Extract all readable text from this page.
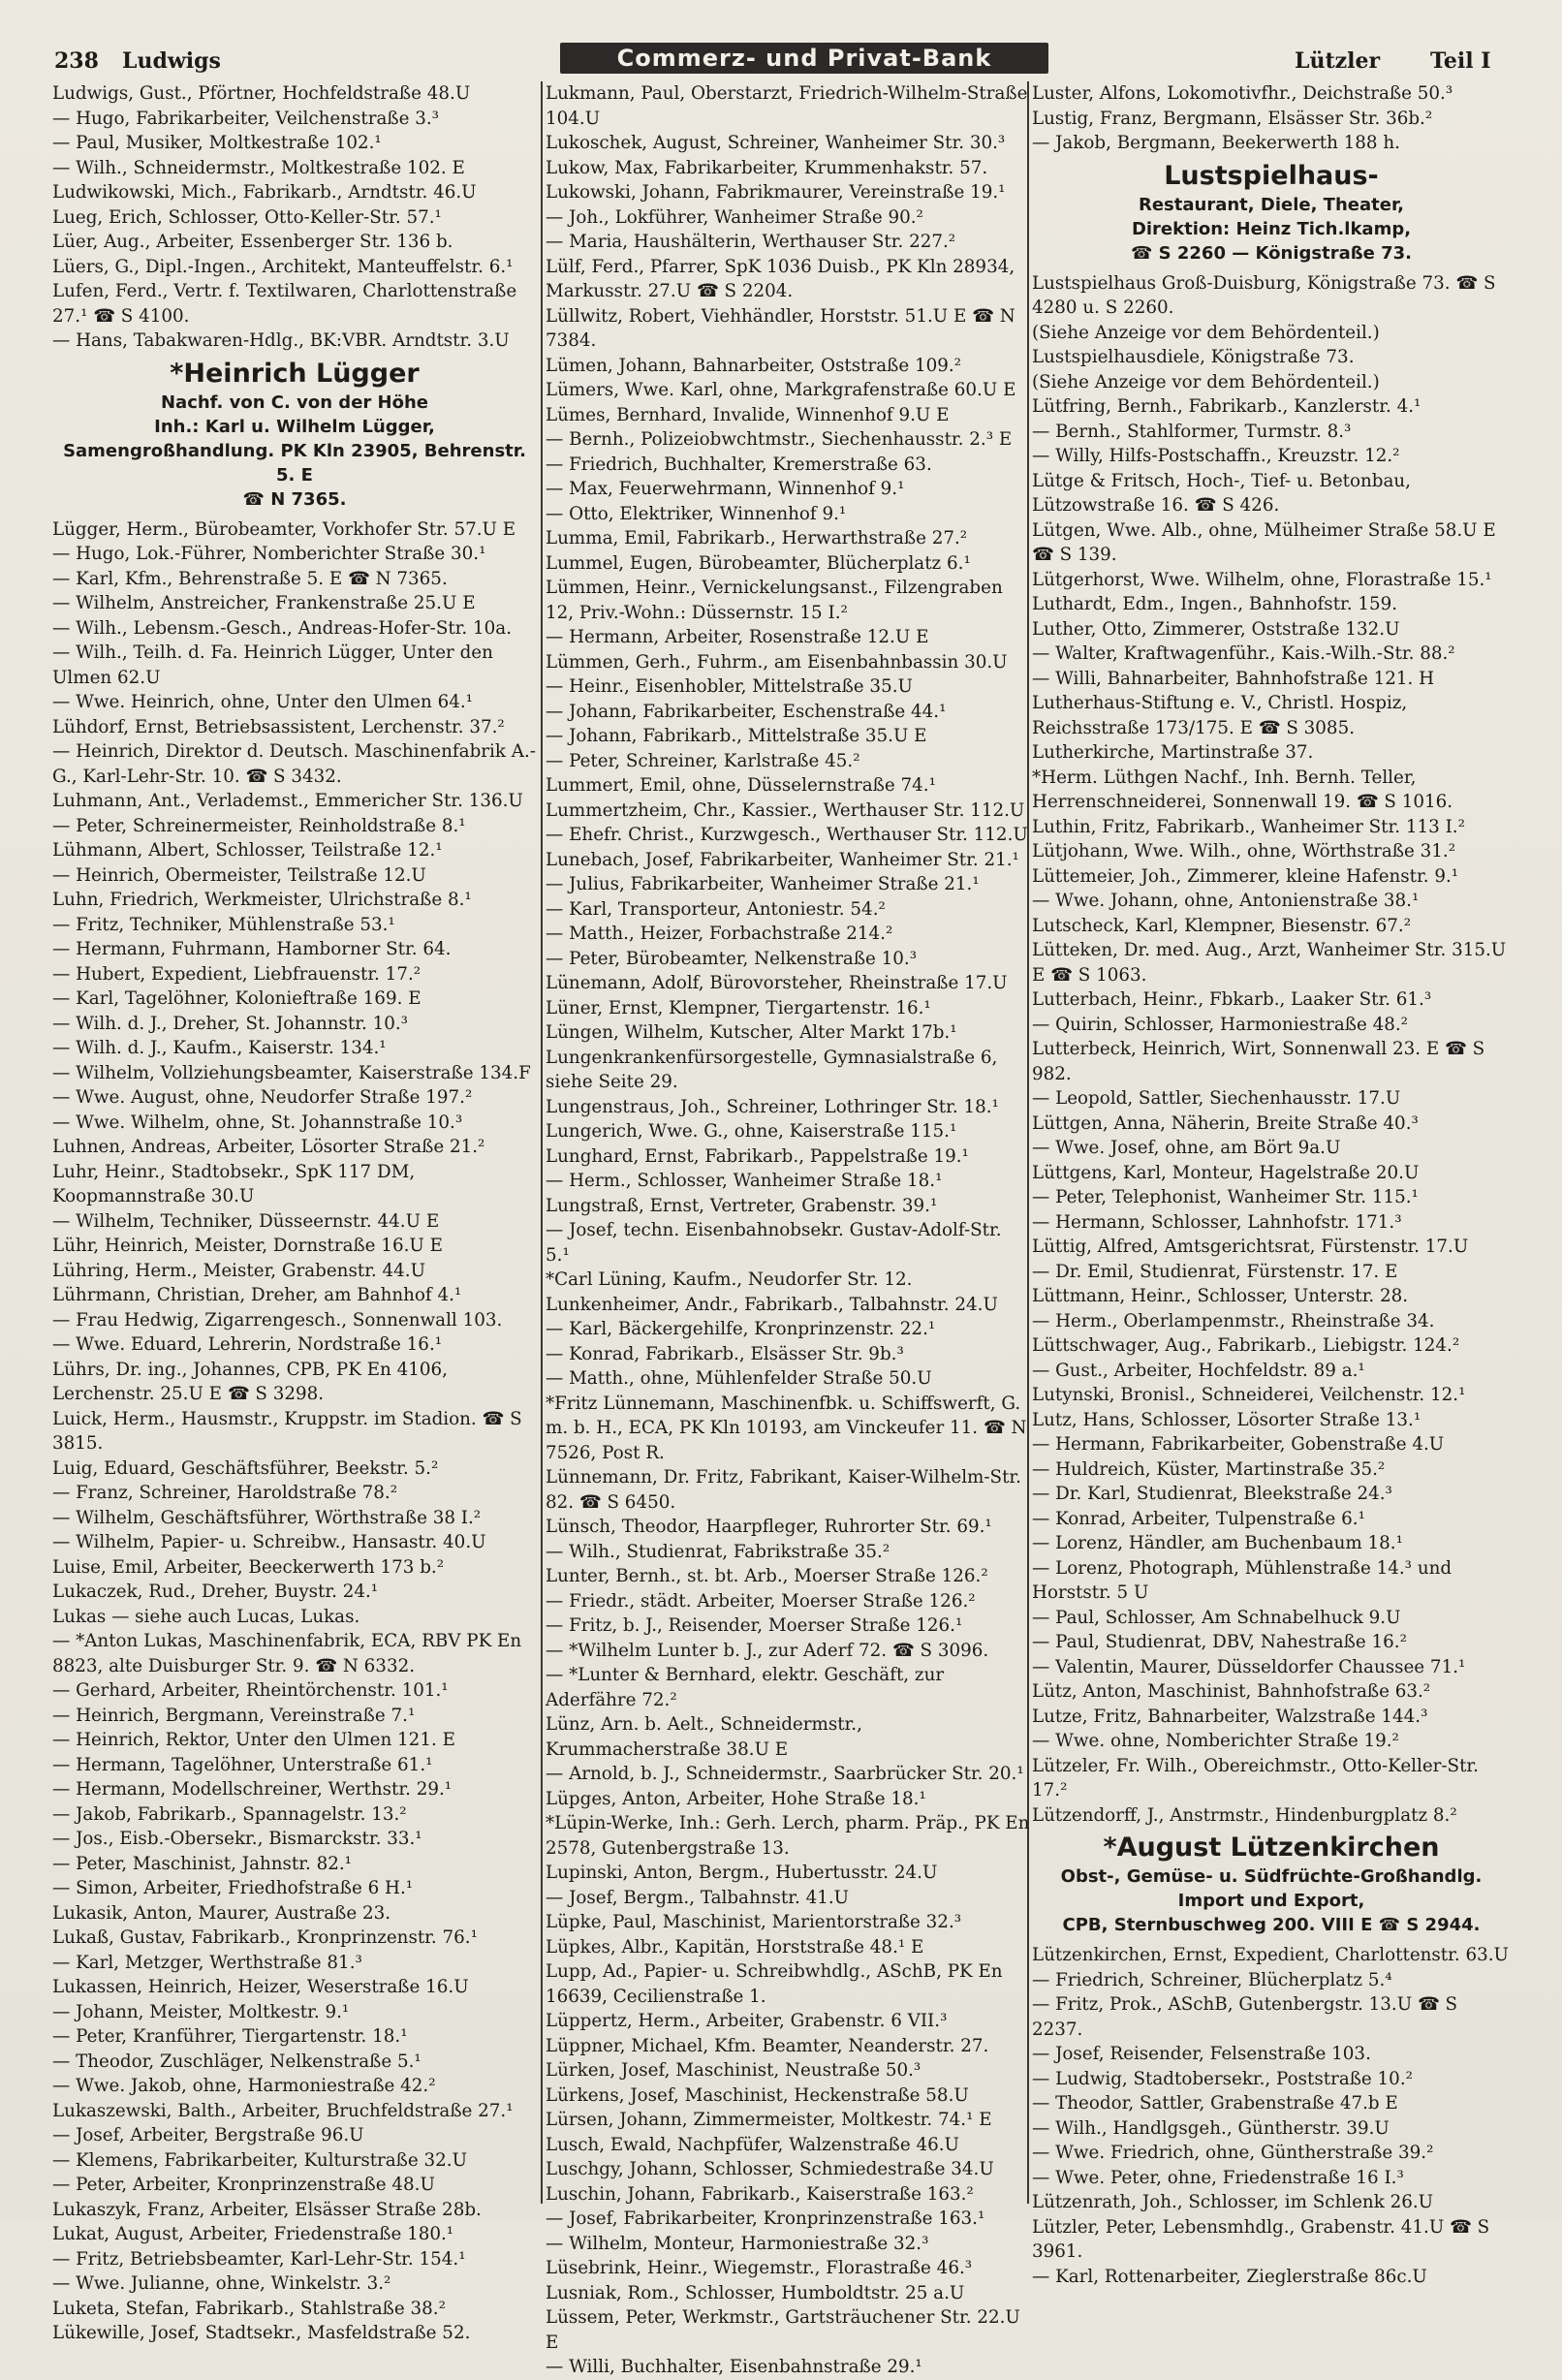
238 Ludwigs	Commerz- und Privat-Bank	Lützler Teil I

Ludwigs, Gust., Pförtner, Hochfeldstraße 48.U

— Hugo, Fabrikarbeiter, Veilchenstraße 3.³

— Paul, Musiker, Moltkestraße 102.¹

— Wilh., Schneidermstr., Moltkestraße 102. E

Ludwikowski, Mich., Fabrikarb., Arndtstr. 46.U

Lueg, Erich, Schlosser, Otto-Keller-Str. 57.¹

Lüer, Aug., Arbeiter, Essenberger Str. 136 b.

Lüers, G., Dipl.-Ingen., Architekt, Manteuffelstr. 6.¹

Lufen, Ferd., Vertr. f. Textilwaren, Charlottenstraße 27.¹ ☎ S 4100.

— Hans, Tabakwaren-Hdlg., BK:VBR. Arndtstr. 3.U

*Heinrich Lügger
Nachf. von C. von der Höhe
Inh.: Karl u. Wilhelm Lügger, Samengroßhandlung. PK Kln 23905, Behrenstr. 5. E
☎ N 7365.

Lügger, Herm., Bürobeamter, Vorkhofer Str. 57.U E

— Hugo, Lok.-Führer, Nomberichter Straße 30.¹

— Karl, Kfm., Behrenstraße 5. E ☎ N 7365.

— Wilhelm, Anstreicher, Frankenstraße 25.U E

— Wilh., Lebensm.-Gesch., Andreas-Hofer-Str. 10a.

— Wilh., Teilh. d. Fa. Heinrich Lügger, Unter den Ulmen 62.U

— Wwe. Heinrich, ohne, Unter den Ulmen 64.¹

Lühdorf, Ernst, Betriebsassistent, Lerchenstr. 37.²

— Heinrich, Direktor d. Deutsch. Maschinenfabrik A.-G., Karl-Lehr-Str. 10. ☎ S 3432.

Luhmann, Ant., Verlademst., Emmericher Str. 136.U

— Peter, Schreinermeister, Reinholdstraße 8.¹

Lühmann, Albert, Schlosser, Teilstraße 12.¹

— Heinrich, Obermeister, Teilstraße 12.U

Luhn, Friedrich, Werkmeister, Ulrichstraße 8.¹

— Fritz, Techniker, Mühlenstraße 53.¹

— Hermann, Fuhrmann, Hamborner Str. 64.

— Hubert, Expedient, Liebfrauenstr. 17.²

— Karl, Tagelöhner, Kolonieftraße 169. E

— Wilh. d. J., Dreher, St. Johannstr. 10.³

— Wilh. d. J., Kaufm., Kaiserstr. 134.¹

— Wilhelm, Vollziehungsbeamter, Kaiserstraße 134.F

— Wwe. August, ohne, Neudorfer Straße 197.²

— Wwe. Wilhelm, ohne, St. Johannstraße 10.³

Luhnen, Andreas, Arbeiter, Lösorter Straße 21.²

Luhr, Heinr., Stadtobsekr., SpK 117 DM, Koopmannstraße 30.U

— Wilhelm, Techniker, Düsseernstr. 44.U E

Lühr, Heinrich, Meister, Dornstraße 16.U E

Lühring, Herm., Meister, Grabenstr. 44.U

Lührmann, Christian, Dreher, am Bahnhof 4.¹

— Frau Hedwig, Zigarrengesch., Sonnenwall 103.

— Wwe. Eduard, Lehrerin, Nordstraße 16.¹

Lührs, Dr. ing., Johannes, CPB, PK En 4106, Lerchenstr. 25.U E ☎ S 3298.

Luick, Herm., Hausmstr., Kruppstr. im Stadion. ☎ S 3815.

Luig, Eduard, Geschäftsführer, Beekstr. 5.²

— Franz, Schreiner, Haroldstraße 78.²

— Wilhelm, Geschäftsführer, Wörthstraße 38 I.²

— Wilhelm, Papier- u. Schreibw., Hansastr. 40.U

Luise, Emil, Arbeiter, Beeckerwerth 173 b.²

Lukaczek, Rud., Dreher, Buystr. 24.¹

Lukas — siehe auch Lucas, Lukas.

— *Anton Lukas, Maschinenfabrik, ECA, RBV PK En 8823, alte Duisburger Str. 9. ☎ N 6332.

— Gerhard, Arbeiter, Rheintörchenstr. 101.¹

— Heinrich, Bergmann, Vereinstraße 7.¹

— Heinrich, Rektor, Unter den Ulmen 121. E

— Hermann, Tagelöhner, Unterstraße 61.¹

— Hermann, Modellschreiner, Werthstr. 29.¹

— Jakob, Fabrikarb., Spannagelstr. 13.²

— Jos., Eisb.-Obersekr., Bismarckstr. 33.¹

— Peter, Maschinist, Jahnstr. 82.¹

— Simon, Arbeiter, Friedhofstraße 6 H.¹

Lukasik, Anton, Maurer, Austraße 23.

Lukaß, Gustav, Fabrikarb., Kronprinzenstr. 76.¹

— Karl, Metzger, Werthstraße 81.³

Lukassen, Heinrich, Heizer, Weserstraße 16.U

— Johann, Meister, Moltkestr. 9.¹

— Peter, Kranführer, Tiergartenstr. 18.¹

— Theodor, Zuschläger, Nelkenstraße 5.¹

— Wwe. Jakob, ohne, Harmoniestraße 42.²

Lukaszewski, Balth., Arbeiter, Bruchfeldstraße 27.¹

— Josef, Arbeiter, Bergstraße 96.U

— Klemens, Fabrikarbeiter, Kulturstraße 32.U

— Peter, Arbeiter, Kronprinzenstraße 48.U

Lukaszyk, Franz, Arbeiter, Elsässer Straße 28b.

Lukat, August, Arbeiter, Friedenstraße 180.¹

— Fritz, Betriebsbeamter, Karl-Lehr-Str. 154.¹

— Wwe. Julianne, ohne, Winkelstr. 3.²

Luketa, Stefan, Fabrikarb., Stahlstraße 38.²

Lükewille, Josef, Stadtsekr., Masfeldstraße 52.

Lukmann, Paul, Oberstarzt, Friedrich-Wilhelm-Straße 104.U

Lukoschek, August, Schreiner, Wanheimer Str. 30.³

Lukow, Max, Fabrikarbeiter, Krummenhakstr. 57.

Lukowski, Johann, Fabrikmaurer, Vereinstraße 19.¹

— Joh., Lokführer, Wanheimer Straße 90.²

— Maria, Haushälterin, Werthauser Str. 227.²

Lülf, Ferd., Pfarrer, SpK 1036 Duisb., PK Kln 28934, Markusstr. 27.U ☎ S 2204.

Lüllwitz, Robert, Viehhändler, Horststr. 51.U E ☎ N 7384.

Lümen, Johann, Bahnarbeiter, Oststraße 109.²

Lümers, Wwe. Karl, ohne, Markgrafenstraße 60.U E

Lümes, Bernhard, Invalide, Winnenhof 9.U E

— Bernh., Polizeiobwchtmstr., Siechenhausstr. 2.³ E

— Friedrich, Buchhalter, Kremerstraße 63.

— Max, Feuerwehrmann, Winnenhof 9.¹

— Otto, Elektriker, Winnenhof 9.¹

Lumma, Emil, Fabrikarb., Herwarthstraße 27.²

Lummel, Eugen, Bürobeamter, Blücherplatz 6.¹

Lümmen, Heinr., Vernickelungsanst., Filzengraben 12, Priv.-Wohn.: Düssernstr. 15 I.²

— Hermann, Arbeiter, Rosenstraße 12.U E

Lümmen, Gerh., Fuhrm., am Eisenbahnbassin 30.U

— Heinr., Eisenhobler, Mittelstraße 35.U

— Johann, Fabrikarbeiter, Eschenstraße 44.¹

— Johann, Fabrikarb., Mittelstraße 35.U E

— Peter, Schreiner, Karlstraße 45.²

Lummert, Emil, ohne, Düsselernstraße 74.¹

Lummertzheim, Chr., Kassier., Werthauser Str. 112.U

— Ehefr. Christ., Kurzwgesch., Werthauser Str. 112.U

Lunebach, Josef, Fabrikarbeiter, Wanheimer Str. 21.¹

— Julius, Fabrikarbeiter, Wanheimer Straße 21.¹

— Karl, Transporteur, Antoniestr. 54.²

— Matth., Heizer, Forbachstraße 214.²

— Peter, Bürobeamter, Nelkenstraße 10.³

Lünemann, Adolf, Bürovorsteher, Rheinstraße 17.U

Lüner, Ernst, Klempner, Tiergartenstr. 16.¹

Lüngen, Wilhelm, Kutscher, Alter Markt 17b.¹

Lungenkrankenfürsorgestelle, Gymnasialstraße 6, siehe Seite 29.

Lungenstraus, Joh., Schreiner, Lothringer Str. 18.¹

Lungerich, Wwe. G., ohne, Kaiserstraße 115.¹

Lunghard, Ernst, Fabrikarb., Pappelstraße 19.¹

— Herm., Schlosser, Wanheimer Straße 18.¹

Lungstraß, Ernst, Vertreter, Grabenstr. 39.¹

— Josef, techn. Eisenbahnobsekr. Gustav-Adolf-Str. 5.¹

*Carl Lüning, Kaufm., Neudorfer Str. 12.

Lunkenheimer, Andr., Fabrikarb., Talbahnstr. 24.U

— Karl, Bäckergehilfe, Kronprinzenstr. 22.¹

— Konrad, Fabrikarb., Elsässer Str. 9b.³

— Matth., ohne, Mühlenfelder Straße 50.U

*Fritz Lünnemann, Maschinenfbk. u. Schiffswerft, G. m. b. H., ECA, PK Kln 10193, am Vinckeufer 11. ☎ N 7526, Post R.

Lünnemann, Dr. Fritz, Fabrikant, Kaiser-Wilhelm-Str. 82. ☎ S 6450.

Lünsch, Theodor, Haarpfleger, Ruhrorter Str. 69.¹

— Wilh., Studienrat, Fabrikstraße 35.²

Lunter, Bernh., st. bt. Arb., Moerser Straße 126.²

— Friedr., städt. Arbeiter, Moerser Straße 126.²

— Fritz, b. J., Reisender, Moerser Straße 126.¹

— *Wilhelm Lunter b. J., zur Aderf 72. ☎ S 3096.

— *Lunter & Bernhard, elektr. Geschäft, zur Aderfähre 72.²

Lünz, Arn. b. Aelt., Schneidermstr., Krummacherstraße 38.U E

— Arnold, b. J., Schneidermstr., Saarbrücker Str. 20.¹

Lüpges, Anton, Arbeiter, Hohe Straße 18.¹

*Lüpin-Werke, Inh.: Gerh. Lerch, pharm. Präp., PK En 2578, Gutenbergstraße 13.

Lupinski, Anton, Bergm., Hubertusstr. 24.U

— Josef, Bergm., Talbahnstr. 41.U

Lüpke, Paul, Maschinist, Marientorstraße 32.³

Lüpkes, Albr., Kapitän, Horststraße 48.¹ E

Lupp, Ad., Papier- u. Schreibwhdlg., ASchB, PK En 16639, Cecilienstraße 1.

Lüppertz, Herm., Arbeiter, Grabenstr. 6 VII.³

Lüppner, Michael, Kfm. Beamter, Neanderstr. 27.

Lürken, Josef, Maschinist, Neustraße 50.³

Lürkens, Josef, Maschinist, Heckenstraße 58.U

Lürsen, Johann, Zimmermeister, Moltkestr. 74.¹ E

Lusch, Ewald, Nachpfüfer, Walzenstraße 46.U

Luschgy, Johann, Schlosser, Schmiedestraße 34.U

Luschin, Johann, Fabrikarb., Kaiserstraße 163.²

— Josef, Fabrikarbeiter, Kronprinzenstraße 163.¹

— Wilhelm, Monteur, Harmoniestraße 32.³

Lüsebrink, Heinr., Wiegemstr., Florastraße 46.³

Lusniak, Rom., Schlosser, Humboldtstr. 25 a.U

Lüssem, Peter, Werkmstr., Gartsträuchener Str. 22.U E

— Willi, Buchhalter, Eisenbahnstraße 29.¹

Luster, Alfons, Lokomotivfhr., Deichstraße 50.³

Lustig, Franz, Bergmann, Elsässer Str. 36b.²

— Jakob, Bergmann, Beekerwerth 188 h.

Lustspielhaus-
Restaurant, Diele, Theater,
Direktion: Heinz Tich.lkamp,
☎ S 2260 — Königstraße 73.

Lustspielhaus Groß-Duisburg, Königstraße 73. ☎ S 4280 u. S 2260.

(Siehe Anzeige vor dem Behördenteil.)

Lustspielhausdiele, Königstraße 73.

(Siehe Anzeige vor dem Behördenteil.)

Lütfring, Bernh., Fabrikarb., Kanzlerstr. 4.¹

— Bernh., Stahlformer, Turmstr. 8.³

— Willy, Hilfs-Postschaffn., Kreuzstr. 12.²

Lütge & Fritsch, Hoch-, Tief- u. Betonbau, Lützowstraße 16. ☎ S 426.

Lütgen, Wwe. Alb., ohne, Mülheimer Straße 58.U E ☎ S 139.

Lütgerhorst, Wwe. Wilhelm, ohne, Florastraße 15.¹

Luthardt, Edm., Ingen., Bahnhofstr. 159.

Luther, Otto, Zimmerer, Oststraße 132.U

— Walter, Kraftwagenführ., Kais.-Wilh.-Str. 88.²

— Willi, Bahnarbeiter, Bahnhofstraße 121. H

Lutherhaus-Stiftung e. V., Christl. Hospiz, Reichsstraße 173/175. E ☎ S 3085.

Lutherkirche, Martinstraße 37.

*Herm. Lüthgen Nachf., Inh. Bernh. Teller, Herrenschneiderei, Sonnenwall 19. ☎ S 1016.

Luthin, Fritz, Fabrikarb., Wanheimer Str. 113 I.²

Lütjohann, Wwe. Wilh., ohne, Wörthstraße 31.²

Lüttemeier, Joh., Zimmerer, kleine Hafenstr. 9.¹

— Wwe. Johann, ohne, Antonienstraße 38.¹

Lutscheck, Karl, Klempner, Biesenstr. 67.²

Lütteken, Dr. med. Aug., Arzt, Wanheimer Str. 315.U E ☎ S 1063.

Lutterbach, Heinr., Fbkarb., Laaker Str. 61.³

— Quirin, Schlosser, Harmoniestraße 48.²

Lutterbeck, Heinrich, Wirt, Sonnenwall 23. E ☎ S 982.

— Leopold, Sattler, Siechenhausstr. 17.U

Lüttgen, Anna, Näherin, Breite Straße 40.³

— Wwe. Josef, ohne, am Bört 9a.U

Lüttgens, Karl, Monteur, Hagelstraße 20.U

— Peter, Telephonist, Wanheimer Str. 115.¹

— Hermann, Schlosser, Lahnhofstr. 171.³

Lüttig, Alfred, Amtsgerichtsrat, Fürstenstr. 17.U

— Dr. Emil, Studienrat, Fürstenstr. 17. E

Lüttmann, Heinr., Schlosser, Unterstr. 28.

— Herm., Oberlampenmstr., Rheinstraße 34.

Lüttschwager, Aug., Fabrikarb., Liebigstr. 124.²

— Gust., Arbeiter, Hochfeldstr. 89 a.¹

Lutynski, Bronisl., Schneiderei, Veilchenstr. 12.¹

Lutz, Hans, Schlosser, Lösorter Straße 13.¹

— Hermann, Fabrikarbeiter, Gobenstraße 4.U

— Huldreich, Küster, Martinstraße 35.²

— Dr. Karl, Studienrat, Bleekstraße 24.³

— Konrad, Arbeiter, Tulpenstraße 6.¹

— Lorenz, Händler, am Buchenbaum 18.¹

— Lorenz, Photograph, Mühlenstraße 14.³ und Horststr. 5 U

— Paul, Schlosser, Am Schnabelhuck 9.U

— Paul, Studienrat, DBV, Nahestraße 16.²

— Valentin, Maurer, Düsseldorfer Chaussee 71.¹

Lütz, Anton, Maschinist, Bahnhofstraße 63.²

Lutze, Fritz, Bahnarbeiter, Walzstraße 144.³

— Wwe. ohne, Nomberichter Straße 19.²

Lützeler, Fr. Wilh., Obereichmstr., Otto-Keller-Str. 17.²

Lützendorff, J., Anstrmstr., Hindenburgplatz 8.²

*August Lützenkirchen
Obst-, Gemüse- u. Südfrüchte-Großhandlg.
Import und Export,
CPB, Sternbuschweg 200. VIII E ☎ S 2944.

Lützenkirchen, Ernst, Expedient, Charlottenstr. 63.U

— Friedrich, Schreiner, Blücherplatz 5.⁴

— Fritz, Prok., ASchB, Gutenbergstr. 13.U ☎ S 2237.

— Josef, Reisender, Felsenstraße 103.

— Ludwig, Stadtobersekr., Poststraße 10.²

— Theodor, Sattler, Grabenstraße 47.b E

— Wilh., Handlgsgeh., Güntherstr. 39.U

— Wwe. Friedrich, ohne, Güntherstraße 39.²

— Wwe. Peter, ohne, Friedenstraße 16 I.³

Lützenrath, Joh., Schlosser, im Schlenk 26.U

Lützler, Peter, Lebensmhdlg., Grabenstr. 41.U ☎ S 3961.

— Karl, Rottenarbeiter, Zieglerstraße 86c.U
